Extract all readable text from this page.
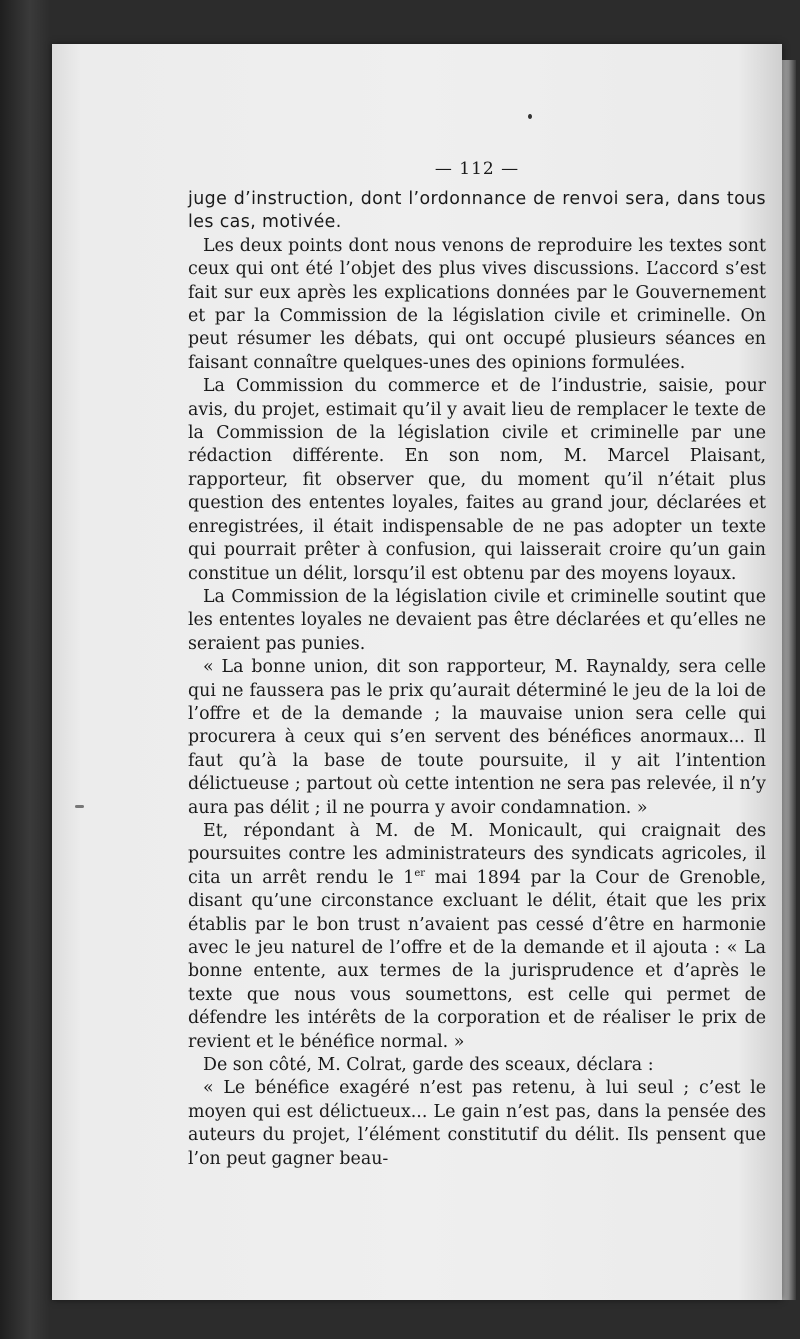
— 112 —

juge d’instruction, dont l’ordonnance de renvoi sera, dans tous les cas, motivée.

Les deux points dont nous venons de reproduire les textes sont ceux qui ont été l’objet des plus vives discussions. L’accord s’est fait sur eux après les explications données par le Gouvernement et par la Commission de la législation civile et criminelle. On peut résumer les débats, qui ont occupé plusieurs séances en faisant connaître quelques-unes des opinions formulées.

La Commission du commerce et de l’industrie, saisie, pour avis, du projet, estimait qu’il y avait lieu de remplacer le texte de la Commission de la législation civile et criminelle par une rédaction différente. En son nom, M. Marcel Plaisant, rapporteur, fit observer que, du moment qu’il n’était plus question des ententes loyales, faites au grand jour, déclarées et enregistrées, il était indispensable de ne pas adopter un texte qui pourrait prêter à confusion, qui laisserait croire qu’un gain constitue un délit, lorsqu’il est obtenu par des moyens loyaux.

La Commission de la législation civile et criminelle soutint que les ententes loyales ne devaient pas être déclarées et qu’elles ne seraient pas punies.

« La bonne union, dit son rapporteur, M. Raynaldy, sera celle qui ne faussera pas le prix qu’aurait déterminé le jeu de la loi de l’offre et de la demande ; la mauvaise union sera celle qui procurera à ceux qui s’en servent des bénéfices anormaux... Il faut qu’à la base de toute poursuite, il y ait l’intention délictueuse ; partout où cette intention ne sera pas relevée, il n’y aura pas délit ; il ne pourra y avoir condamnation. »

Et, répondant à M. de M. Monicault, qui craignait des poursuites contre les administrateurs des syndicats agricoles, il cita un arrêt rendu le 1er mai 1894 par la Cour de Grenoble, disant qu’une circonstance excluant le délit, était que les prix établis par le bon trust n’avaient pas cessé d’être en harmonie avec le jeu naturel de l’offre et de la demande et il ajouta : « La bonne entente, aux termes de la jurisprudence et d’après le texte que nous vous soumettons, est celle qui permet de défendre les intérêts de la corporation et de réaliser le prix de revient et le bénéfice normal. »

De son côté, M. Colrat, garde des sceaux, déclara :

« Le bénéfice exagéré n’est pas retenu, à lui seul ; c’est le moyen qui est délictueux... Le gain n’est pas, dans la pensée des auteurs du projet, l’élément constitutif du délit. Ils pensent que l’on peut gagner beau-
